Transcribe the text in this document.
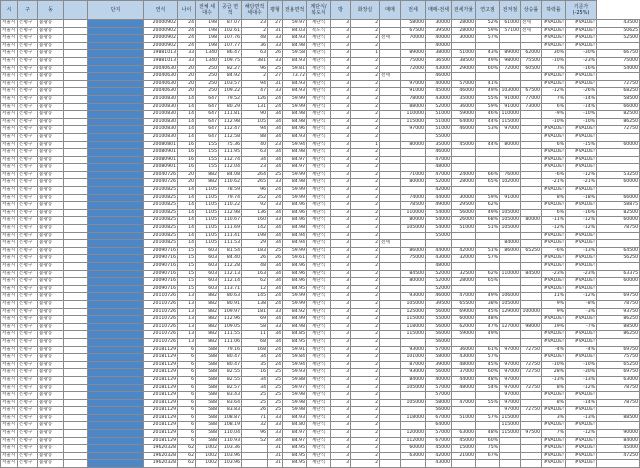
시	구	동		단지	연식	나이	전체 세대수	공급 면적	해당면적 세대수	평형	전용면적	계단식/ 복도식	방	화장실	매매	전세	매매-전세	전세가율	연고점	전저점	상승률	하락률	기준가 (-25%)	
서울시	은평구	불광동			20000902	24	198	87.07	23	27	59.97	계단식	3	2		58000	30000	28000	52%	61000	전세	#VALUE!	#VALUE!	43500
서울시	은평구	불광동			20000902	24	198	102.61	2	31	84.03	복도식	3	2		67500	39500	28000	59%	57100	전세	#VALUE!	#VALUE!	50625
서울시	은평구	불광동			20000902	24	198	107.76	48	33	84.93	계단식	3	2	전세	70000	40000	30000	57%			#VALUE!	#VALUE!	52500
서울시	은평구	불광동			20000902	24	198	107.77	36	33	84.98	계단식	3	2			40000					#VALUE!	#VALUE!	
서울시	은평구	불광동			19881013	33	1340	86.47	63	26	59.58	계단식	3	1		89000	38000	51000	43%	89000	62000	30%	-30%	66750
서울시	은평구	불광동			19881013	33	1340	109.75	381	33	84.93	계단식	3	2		75000	36500	38500	49%	98000	75500	-10%	-23%	75000
서울시	은평구	불광동			20040630	20	250	82.27	96	25	59.81	계단식	3	2		72000	43000	29000	60%	72000	60500	7%	-16%	54000
서울시	은평구	불광동			20040630	20	250	84.92	2	27	73.72	계단식	3	2	전세		46000					#VALUE!	#VALUE!	
서울시	은평구	불광동			20040630	20	250	103.57	94	31	84.93	계단식	3	2		97000	40000	57000	41%			#VALUE!	#VALUE!	72750
서울시	은평구	불광동			20040630	20	250	109.22	47	33	84.93	계단식	3	2		91000	45000	46000	49%	103000	67500	-12%	-26%	68250
서울시	은평구	불광동			20100830	14	647	79.52	126	24	59.99	계단식	3	2		78000	43000	35000	55%	91000	77000	7%	-14%	58500
서울시	은평구	불광동			20100830	14	647	80.29	131	24	59.99	계단식	3	2		88000	52000	36000	59%	91000	73000	6%	-14%	66000
서울시	은평구	불광동			20100830	14	647	111.81	90	34	84.98	계단식	3	2		110000	51000	59000	46%	110000		-9%	-10%	82500
서울시	은평구	불광동			20100830	14	647	112.98	105	34	84.98	계단식	3	2		115000	51000	64000	44%	115000		-10%	-10%	86250
서울시	은평구	불광동			20100830	14	647	112.47	94	34	84.96	계단식	3	2		97000	51000	46000	53%	97000		#VALUE!	#VALUE!	72750
서울시	은평구	불광동			20100830	14	647	112.58	88	34	84.93	계단식	3	2			55000					#VALUE!	#VALUE!	
서울시	은평구	불광동			20080801	16	155	75.36	40	23	59.94	계단식	3	1		80000	35000	45000	44%	80000		6%	-15%	60000
서울시	은평구	불광동			20080901	16	155	111.95	63	34	84.98	계단식	3	2			46000					#VALUE!	#VALUE!	
서울시	은평구	불광동			20080901	16	155	112.74	34	34	84.97	계단식	3	2			47000					#VALUE!	#VALUE!	
서울시	은평구	불광동			20080901	16	155	112.04	23	34	84.97	계단식	3	2			48000					#VALUE!	#VALUE!	
서울시	은평구	불광동			20040726	20	882	84.08	264	25	59.99	계단식	3	2		71000	47000	24000	66%	76000		-6%	-12%	53250
서울시	은평구	불광동			20040726	20	882	110.62	265	33	84.98	계단식	3	2		80000	52000	28000	65%	102000		-21%	-21%	60000
서울시	은평구	불광동			20100825	14	1105	78.59	96	24	59.99	계단식	3	2			42000					#VALUE!	#VALUE!	
서울시	은평구	불광동			20100825	14	1105	79.74	252	24	59.99	계단식	3	2		74000	44000	30000	59%	91000		8%	-18%	66000
서울시	은평구	불광동			20100825	14	1105	110.22	92	33	84.96	계단식	3	2		78500	49000	29500	62%			#VALUE!	#VALUE!	58875
서울시	은평구	불광동			20100825	14	1105	112.98	136	34	84.96	계단식	3	2		110000	54000	56000	49%	105000		6%	-16%	82500
서울시	은평구	불광동			20100825	14	1105	110.67	160	33	84.96	계단식	3	2		80000	54000	26000	68%	105000	80000	-11%	-12%	60000
서울시	은평구	불광동			20100825	14	1105	111.69	142	34	84.98	계단식	3	2		105000	54000	51000	51%	105000		-12%	-12%	78750
서울시	은평구	불광동			20100825	14	1105	111.41	198	34	84.94	계단식	3	2			55000					#VALUE!	#VALUE!	
서울시	은평구	불광동			20100825	14	1105	111.53	29	34	84.94	계단식	3	2	전세					84000		#VALUE!	#VALUE!	
서울시	은평구	불광동			20090716	15	603	81.54	183	25	59.99	계단식	3	2		86000	44000	42000	51%	86000	65250	-6%	-13%	64500
서울시	은평구	불광동			20090716	15	603	84.40	26	26	59.61	계단식	3	2		75000	43000	32000	57%			#VALUE!	#VALUE!	56250
서울시	은평구	불광동			20090716	15	603	112.28	48	34	84.96	계단식	3	2			48000					#VALUE!	#VALUE!	
서울시	은평구	불광동			20090716	15	603	112.13	163	34	84.96	계단식	3	2		84500	52000	32500	62%	110000	84500	-23%	-23%	63375
서울시	은평구	불광동			20090716	15	603	112.14	62	34	84.96	계단식	3	2		80000	52000	28000	65%			#VALUE!	#VALUE!	60000
서울시	은평구	불광동			20090716	15	603	113.71	12	34	84.95	계단식	3	2			52000					#VALUE!	#VALUE!	
서울시	은평구	불광동			20110726	13	882	80.63	145	24	59.99	계단식	3	2		93000	46000	47000	49%	106000		11%	-12%	69750
서울시	은평구	불광동			20110726	13	882	80.91	138	24	59.99	계단식	3	2		105000	39500	65500	38%	105000		9%	-8%	78750
서울시	은평구	불광동			20110726	13	882	109.97	181	33	84.92	계단식	3	2		125000	56000	69000	45%	129000	100000	9%	-3%	93750
서울시	은평구	불광동			20110726	13	882	112.96	69	34	84.99	계단식	3	2		115000	55000	60000	48%			#VALUE!	#VALUE!	86250
서울시	은평구	불광동			20110726	13	882	109.05	58	33	84.98	계단식	3	2		118000	56000	62000	47%	127000	98000	19%	-7%	88500
서울시	은평구	불광동			20110726	13	882	111.55	11	34	84.85	계단식	3	2		115000	56000	59000	49%			#VALUE!	#VALUE!	86250
서울시	은평구	불광동			20110726	13	882	111.06	68	34	84.95	계단식	3	2			56000					#VALUE!	#VALUE!	
서울시	은평구	불광동			20181129	6	588	79.16	168	24	59.91	계단식	3	2		93000	57000	36000	61%	97000	72750	-4%	-4%	69750
서울시	은평구	불광동			20181129	6	588	80.47	34	24	59.84	계단식	3	2		101000	58000	43000	57%			#VALUE!	#VALUE!	75750
서울시	은평구	불광동			20181129	6	588	80.47	35	24	59.94	계단식	3	2		87000	39000	48000	45%	97000	72750	-10%	-10%	65250
서울시	은평구	불광동			20181129	6	588	82.55	16	25	59.93	계단식	3	2		93000	56000	37000	60%	97000	72750	28%	-30%	69750
서울시	은평구	불광동			20181129	6	588	82.55	34	25	59.88	계단식	3	2		84000	40000	44000	48%	97000		-13%	-13%	63000
서울시	은평구	불광동			20181129	6	588	82.57	34	25	59.97	계단식	3	2		105000	57000	48000	54%	97000	72750	8%	-12%	78750
서울시	은평구	불광동			20181129	6	588	83.43	25	25	59.98	계단식	3	2			57000			97000		#VALUE!	#VALUE!	
서울시	은평구	불광동			20181129	6	588	83.64	25	25	59.98	계단식	3	2		105000	58000	47000	55%	97000		8%	-14%	78750
서울시	은평구	불광동			20181129	6	588	83.83	26	25	59.98	계단식	3	2			56000			97000	72750	#VALUE!	#VALUE!	
서울시	은평구	불광동			20181129	6	588	108.87	71	33	84.93	계단식	3	2		118000	67000	51000	57%	115000		3%	-13%	88500
서울시	은평구	불광동			20181129	6	588	108.19	32	33	84.80	계단식	3	2			64000			115000		#VALUE!	#VALUE!	
서울시	은평구	불광동			20181129	6	588	110.04	96	33	84.97	계단식	3	2		120000	57000	63000	48%	115000	97500	7%	-12%	90000
서울시	은평구	불광동			20181129	6	588	110.93	52	34	84.97	계단식	3	2		112000	67000	45000	60%			#VALUE!	#VALUE!	84000
서울시	은평구	불광동			19620328	62	1002	103.36		31	84.95	계단식	3	2		60000	45000	15000	75%			#VALUE!	#VALUE!	45000
서울시	은평구	불광동			19620328	62	1002	103.96		31	84.95	계단식	3	2		63000	42000	21000	67%			#VALUE!	#VALUE!	47250
서울시	은평구	불광동			19620328	62	1002	103.96		31	84.95	계단식	3	2			43000					#VALUE!	#VALUE!	
